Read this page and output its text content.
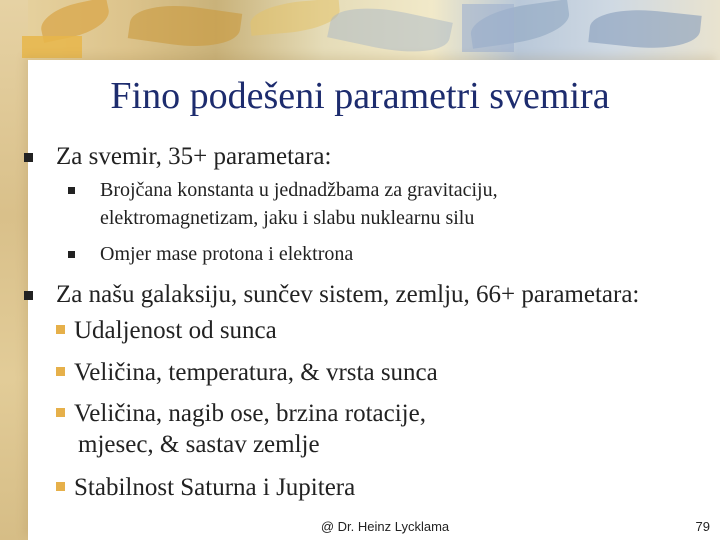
Fino podešeni parametri svemira
Za svemir, 35+ parametara:
Brojčana konstanta u jednadžbama za gravitaciju,
elektromagnetizam, jaku i slabu nuklearnu silu
Omjer mase protona i elektrona
Za našu galaksiju, sunčev sistem, zemlju, 66+ parametara:
Udaljenost od sunca
Veličina, temperatura, & vrsta sunca
Veličina, nagib ose, brzina rotacije,
mjesec, & sastav zemlje
Stabilnost Saturna i Jupitera
@ Dr. Heinz Lycklama	79
